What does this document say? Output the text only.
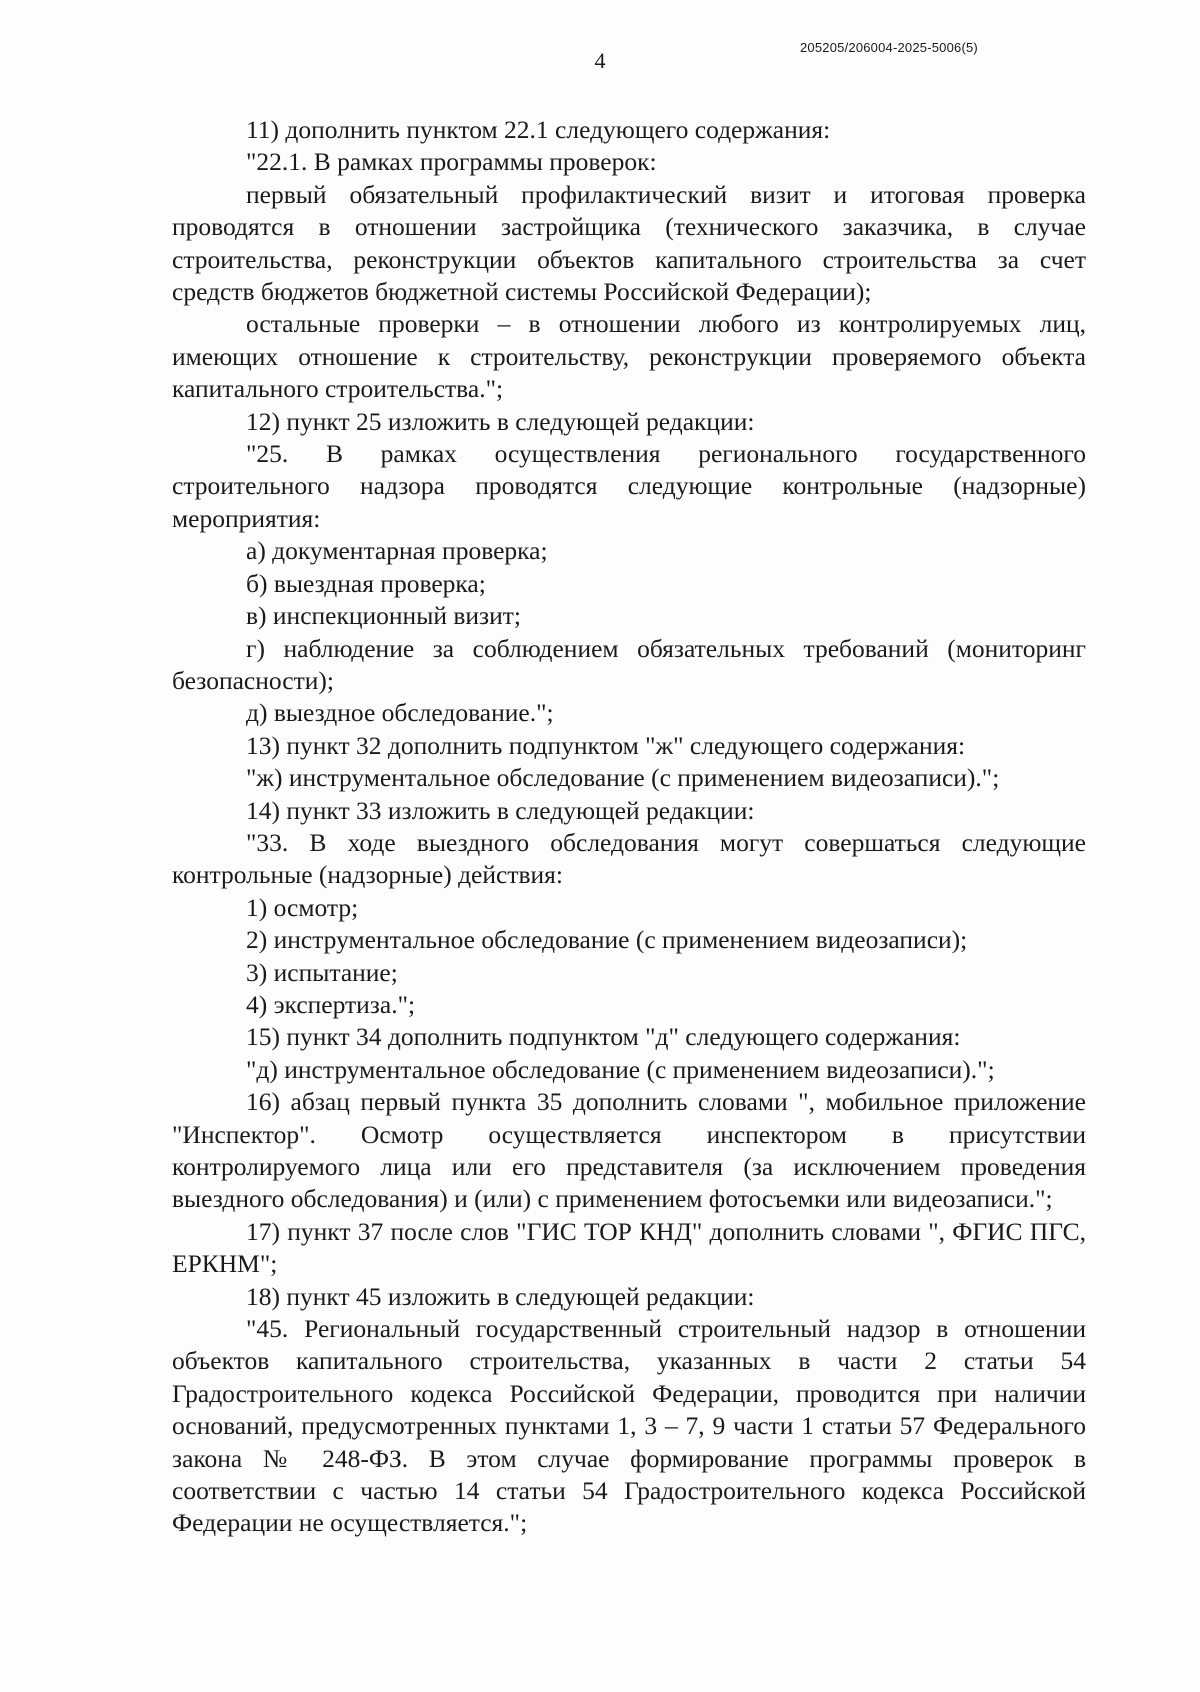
4
205205/206004-2025-5006(5)

11) дополнить пунктом 22.1 следующего содержания:

"22.1. В рамках программы проверок:

первый обязательный профилактический визит и итоговая проверка проводятся в отношении застройщика (технического заказчика, в случае строительства, реконструкции объектов капитального строительства за счет средств бюджетов бюджетной системы Российской Федерации);

остальные проверки – в отношении любого из контролируемых лиц, имеющих отношение к строительству, реконструкции проверяемого объекта капитального строительства.";

12) пункт 25 изложить в следующей редакции:

"25. В рамках осуществления регионального государственного строительного надзора проводятся следующие контрольные (надзорные) мероприятия:

а) документарная проверка;

б) выездная проверка;

в) инспекционный визит;

г) наблюдение за соблюдением обязательных требований (мониторинг безопасности);

д) выездное обследование.";

13) пункт 32 дополнить подпунктом "ж" следующего содержания:

"ж) инструментальное обследование (с применением видеозаписи).";

14) пункт 33 изложить в следующей редакции:

"33. В ходе выездного обследования могут совершаться следующие контрольные (надзорные) действия:

1) осмотр;

2) инструментальное обследование (с применением видеозаписи);

3) испытание;

4) экспертиза.";

15) пункт 34 дополнить подпунктом "д" следующего содержания:

"д) инструментальное обследование (с применением видеозаписи).";

16) абзац первый пункта 35 дополнить словами ", мобильное приложение "Инспектор". Осмотр осуществляется инспектором в присутствии контролируемого лица или его представителя (за исключением проведения выездного обследования) и (или) с применением фотосъемки или видеозаписи.";

17) пункт 37 после слов "ГИС ТОР КНД" дополнить словами ", ФГИС ПГС, ЕРКНМ";

18) пункт 45 изложить в следующей редакции:

"45. Региональный государственный строительный надзор в отношении объектов капитального строительства, указанных в части 2 статьи 54 Градостроительного кодекса Российской Федерации, проводится при наличии оснований, предусмотренных пунктами 1, 3 – 7, 9 части 1 статьи 57 Федерального закона № 248-ФЗ. В этом случае формирование программы проверок в соответствии с частью 14 статьи 54 Градостроительного кодекса Российской Федерации не осуществляется.";
